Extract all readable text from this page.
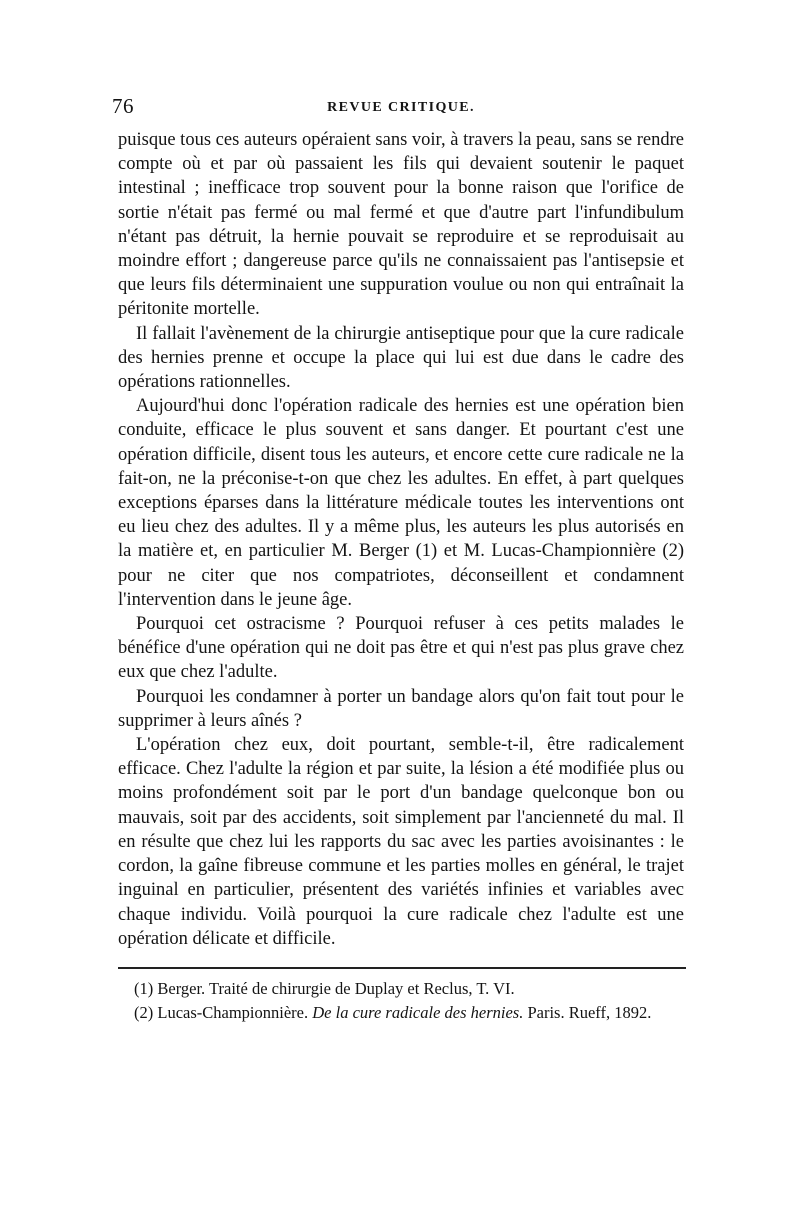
76	REVUE CRITIQUE.

puisque tous ces auteurs opéraient sans voir, à travers la peau, sans se rendre compte où et par où passaient les fils qui devaient soutenir le paquet intestinal ; inefficace trop souvent pour la bonne raison que l'orifice de sortie n'était pas fermé ou mal fermé et que d'autre part l'infundibulum n'étant pas détruit, la hernie pouvait se reproduire et se reproduisait au moindre effort ; dangereuse parce qu'ils ne connaissaient pas l'antisepsie et que leurs fils déterminaient une suppuration voulue ou non qui entraînait la péritonite mortelle.

Il fallait l'avènement de la chirurgie antiseptique pour que la cure radicale des hernies prenne et occupe la place qui lui est due dans le cadre des opérations rationnelles.

Aujourd'hui donc l'opération radicale des hernies est une opération bien conduite, efficace le plus souvent et sans danger. Et pourtant c'est une opération difficile, disent tous les auteurs, et encore cette cure radicale ne la fait-on, ne la préconise-t-on que chez les adultes. En effet, à part quelques exceptions éparses dans la littérature médicale toutes les interventions ont eu lieu chez des adultes. Il y a même plus, les auteurs les plus autorisés en la matière et, en particulier M. Berger (1) et M. Lucas-Championnière (2) pour ne citer que nos compatriotes, déconseillent et condamnent l'intervention dans le jeune âge.

Pourquoi cet ostracisme ? Pourquoi refuser à ces petits malades le bénéfice d'une opération qui ne doit pas être et qui n'est pas plus grave chez eux que chez l'adulte.

Pourquoi les condamner à porter un bandage alors qu'on fait tout pour le supprimer à leurs aînés ?

L'opération chez eux, doit pourtant, semble-t-il, être radicalement efficace. Chez l'adulte la région et par suite, la lésion a été modifiée plus ou moins profondément soit par le port d'un bandage quelconque bon ou mauvais, soit par des accidents, soit simplement par l'ancienneté du mal. Il en résulte que chez lui les rapports du sac avec les parties avoisinantes : le cordon, la gaîne fibreuse commune et les parties molles en général, le trajet inguinal en particulier, présentent des variétés infinies et variables avec chaque individu. Voilà pourquoi la cure radicale chez l'adulte est une opération délicate et difficile.

(1) Berger. Traité de chirurgie de Duplay et Reclus, T. VI.

(2) Lucas-Championnière. De la cure radicale des hernies. Paris. Rueff, 1892.
